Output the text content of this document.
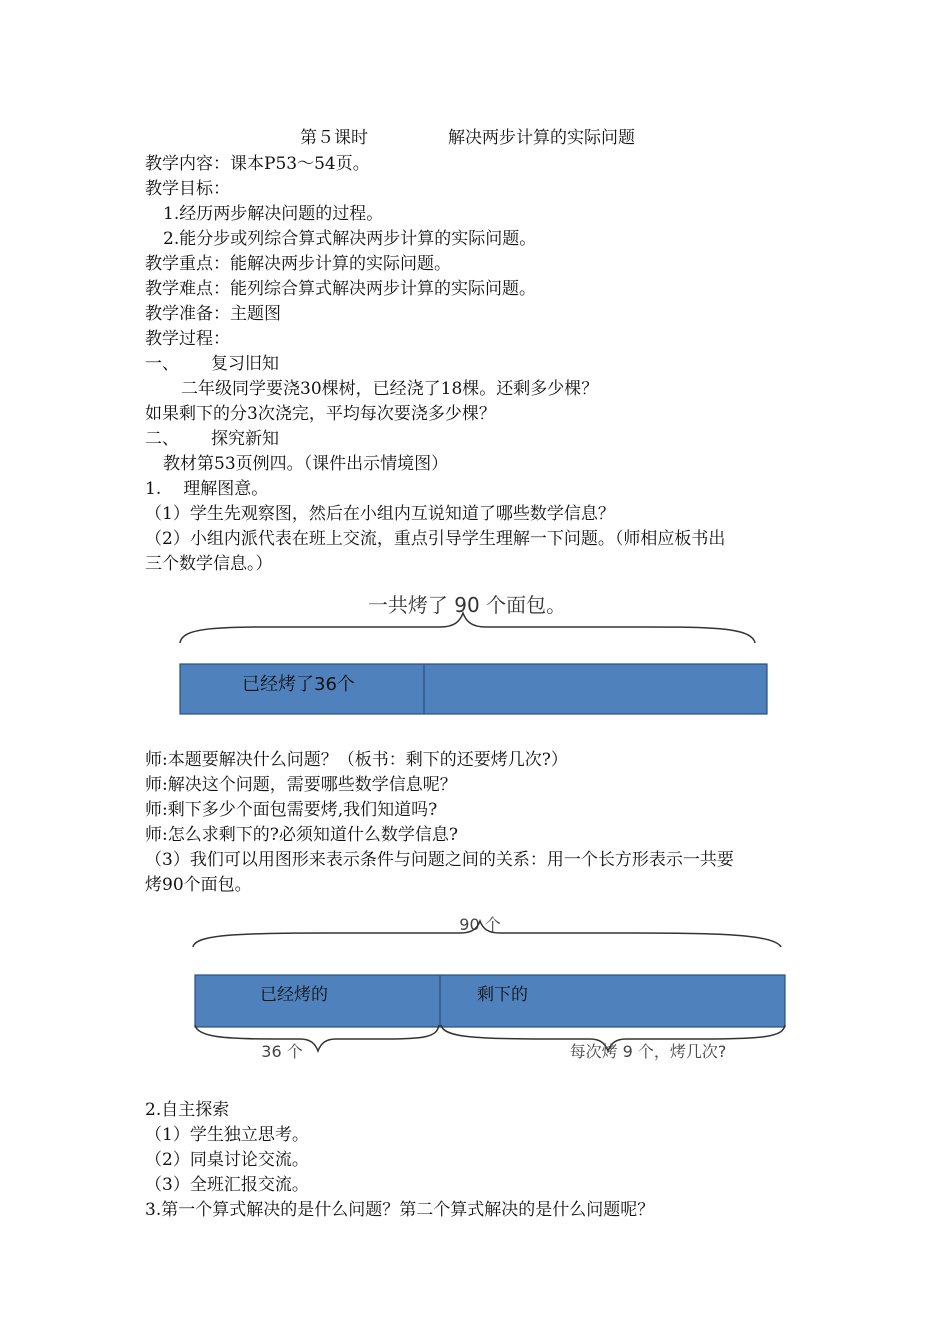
第５课时	解决两步计算的实际问题
教学内容：课本P53～54页。
教学目标：
1.经历两步解决问题的过程。
2.能分步或列综合算式解决两步计算的实际问题。
教学重点：能解决两步计算的实际问题。
教学难点：能列综合算式解决两步计算的实际问题。
教学准备：主题图
教学过程：
一、 复习旧知
二年级同学要浇30棵树，已经浇了18棵。还剩多少棵？
如果剩下的分3次浇完，平均每次要浇多少棵？
二、 探究新知
教材第53页例四。（课件出示情境图）
1. 理解图意。
（1）学生先观察图，然后在小组内互说知道了哪些数学信息？
（2）小组内派代表在班上交流，重点引导学生理解一下问题。（师相应板书出
三个数学信息。）
一共烤了 90 个面包。
已经烤了36个
师:本题要解决什么问题？（板书：剩下的还要烤几次?）
师:解决这个问题，需要哪些数学信息呢？
师:剩下多少个面包需要烤,我们知道吗?
师:怎么求剩下的?必须知道什么数学信息?
（3）我们可以用图形来表示条件与问题之间的关系：用一个长方形表示一共要
烤90个面包。
90 个
已经烤的	剩下的
36 个	每次烤 9 个，烤几次?
2.自主探索
（1）学生独立思考。
（2）同桌讨论交流。
（3）全班汇报交流。
3.第一个算式解决的是什么问题？第二个算式解决的是什么问题呢？
